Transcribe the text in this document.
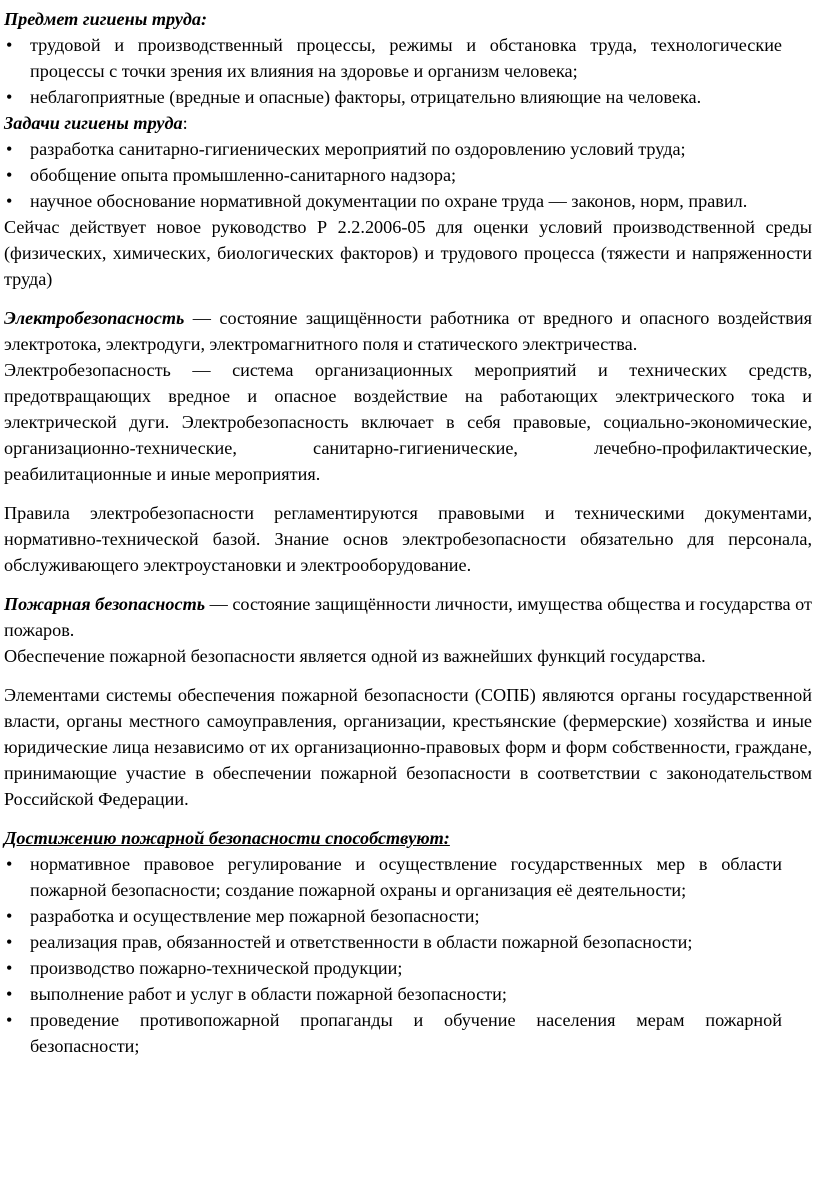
Предмет гигиены труда:

• трудовой и производственный процессы, режимы и обстановка труда, технологические процессы с точки зрения их влияния на здоровье и организм человека;
• неблагоприятные (вредные и опасные) факторы, отрицательно влияющие на человека.

Задачи гигиены труда:

• разработка санитарно-гигиенических мероприятий по оздоровлению условий труда;
• обобщение опыта промышленно-санитарного надзора;
• научное обоснование нормативной документации по охране труда — законов, норм, правил.

Сейчас действует новое руководство Р 2.2.2006-05 для оценки условий производственной среды (физических, химических, биологических факторов) и трудового процесса (тяжести и напряженности труда)

Электробезопасность — состояние защищённости работника от вредного и опасного воздействия электротока, электродуги, электромагнитного поля и статического электричества.

Электробезопасность — система организационных мероприятий и технических средств, предотвращающих вредное и опасное воздействие на работающих электрического тока и электрической дуги. Электробезопасность включает в себя правовые, социально-экономические, организационно-технические, санитарно-гигиенические, лечебно-профилактические, реабилитационные и иные мероприятия.

Правила электробезопасности регламентируются правовыми и техническими документами, нормативно-технической базой. Знание основ электробезопасности обязательно для персонала, обслуживающего электроустановки и электрооборудование.

Пожарная безопасность — состояние защищённости личности, имущества общества и государства от пожаров.

Обеспечение пожарной безопасности является одной из важнейших функций государства.

Элементами системы обеспечения пожарной безопасности (СОПБ) являются органы государственной власти, органы местного самоуправления, организации, крестьянские (фермерские) хозяйства и иные юридические лица независимо от их организационно-правовых форм и форм собственности, граждане, принимающие участие в обеспечении пожарной безопасности в соответствии с законодательством Российской Федерации.

Достижению пожарной безопасности способствуют:

• нормативное правовое регулирование и осуществление государственных мер в области пожарной безопасности; создание пожарной охраны и организация её деятельности;
• разработка и осуществление мер пожарной безопасности;
• реализация прав, обязанностей и ответственности в области пожарной безопасности;
• производство пожарно-технической продукции;
• выполнение работ и услуг в области пожарной безопасности;
• проведение противопожарной пропаганды и обучение населения мерам пожарной безопасности;
